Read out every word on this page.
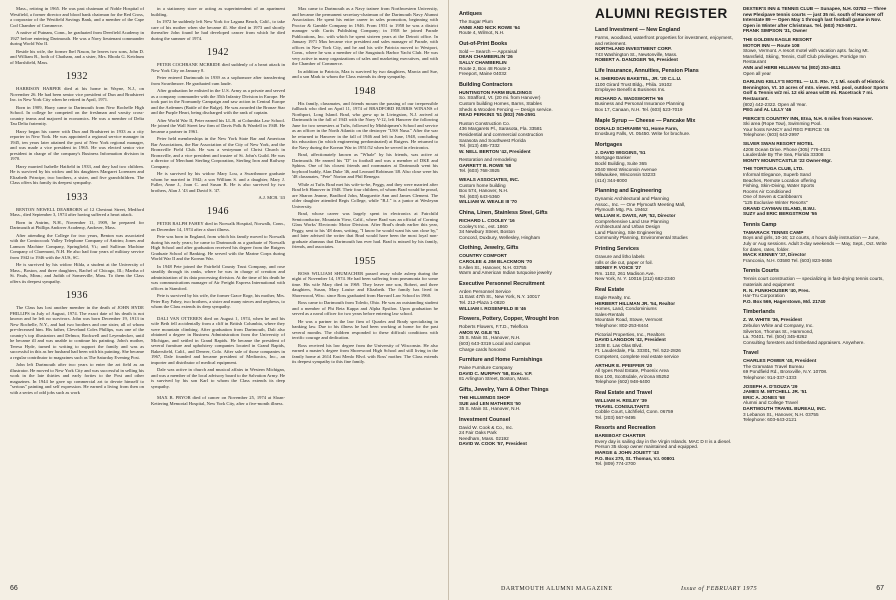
Mass., retiring in 1965. He was past chairman of Noble Hospital of Westfield, a former director and blood bank chairman for the Red Cross, a corporator of the Westfield Savings Bank, and a member of the Cape Cod Chamber of Commerce.

A native of Putnam, Conn., he graduated from Deerfield Academy in 1927 before entering Dartmouth. He was a Navy lieutenant commander during World War II.

Beside his wife, the former Ibel Nason, he leaves two sons, John D. and William B., both of Chatham, and a sister, Mrs. Rhoda G. Ketchum of Marshfield, Mass.

1932

HARRISON HARPER died at his home in Wayne, N.J., on November 26. He had been senior vice president of Dun and Bradstreet Inc. in New York City when he retired in April, 1971.

Born in 1909, Harry came to Dartmouth from New Rochelle High School. In college he competed on the freshman and varsity cross-country teams and majored in economics. He was a member of Delta Tau Delta fraternity.

Harry began his career with Dun and Bradstreet in 1933 as a city reporter in New York. He was appointed a regional service manager in 1945, ten years later attained the post of New York regional manager, and was made a vice president in 1965. He was elected senior vice president in charge of the company's Business Information division in 1970.

Harry married Isabelle Hatfield in 1933, and they had two children. He is survived by his widow and his daughters Margaret Lorenzen and Elizabeth Principe, two brothers, a sister, and five grandchildren. The Class offers his family its deepest sympathy.

1933

BENTON NEWELL DEARBORN of 12 Chestnut Street, Medford Mass., died September 3, 1974 after having suffered a heart attack.

Born in Antrim, N.H., November 11, 1909, he prepared for Dartmouth at Phillips Andover Academy, Andover, Mass.

After attending the College for two years, Benton was associated with the Contoocook Valley Telephone Company of Antrim; Jones and Lamson Machine Company, Springfield, Vt.; and Sullivan Machine Company of Claremont, N.H. He also had four years of military service from 1942 to 1946 with the AUS, SC.

He is survived by his widow Hilda, a student at the University of Mass., Boston, and three daughters, Rachel of Chicago, Ill.; Martha of St. Pauls, Minn.; and Judith of Somerville, Mass. To them the Class offers its deepest sympathy.

1936

The Class has lost another member in the death of JOHN HYDE PHILLIPS in July of August, 1974. The exact date of his death is not known and he left no survivors. John was born December 19, 1913 in New Rochelle, N.Y., and had two brothers and one sister, all of whom pre-deceased him. His father, Cleveland Coles Phillips, was one of the country's top illustrators and Delmor, Rockwell and Leyendecker, until he became ill and was unable to continue his painting. John's mother, Teresa Hyde, turned to writing to support the family and was as successful in this as her husband had been with his painting. She became a regular contributor to magazines such as The Saturday Evening Post.

John left Dartmouth after two years to enter the art field as an illustrator. He moved to New York City and was successful in selling his work in the late thirties and early forties to the Post and other magazines. In 1944 he gave up commercial art to devote himself to "serious" painting and self expression. He earned a living from then on with a series of odd jobs such as work

in a stationery store or acting as superintendent of an apartment building.

In 1972 he suddenly left New York for Laguna Beach, Calif., to take care of his mother when she became ill. She died in 1973 and shortly thereafter John found he had developed cancer from which he died during the summer of 1974.

1942

PETER COCHRANE MCBRIDE died suddenly of a heart attack in New York City on January 8.

Peter entered Dartmouth in 1939 as a sophomore after transferring from Swarthmore. He graduated cum laude.

After graduation he enlisted in the U.S. Army as a private and served as a company commander with the 35th Infantry Division in Europe. He took part in the Normandy Campaign and saw action in Central Europe and the Ardennes (Battle of the Bulge). He was awarded the Bronze Star and the Purple Heart, being discharged with the rank of captain.

After World War II, Peter earned his LL.B. at Columbia Law School. He joined the Wall Street law firm of Davis Polk & Wardell in 1948. He became a partner in 1961.

Peter held memberships in the New York State Bar and American Bar Associations, the Bar Association of the City of New York, and the Bronxville Field Club. He was a vestryman of Christ Church in Bronxville, and a vice president and trustee of St. John's Guild. He was a director of Merchant Sterling Corporation, Sterling Iron and Railway Company.

He is survived by his widow Mary Lou, a Swarthmore graduate whom he married in 1942; a son William S. and a daughter, Mary J. Fuller, Anne J., Joan C. and Susan B. He is also survived by two brothers, Alan J. '43 and David S. '47.

A.J. MCB. '43
1946

PETER RALPH FAHEY died in Norwalk Hospital, Norwalk, Conn., on December 14, 1974 after a short illness.

Pete was born in England, from which his family moved to Norwalk during his early years; he came to Dartmouth as a graduate of Norwalk High School and after graduation received his degree from the Rutgers Graduate School of Banking. He served with the Marine Corps during World War II and the Korean War.

In 1948 Pete joined the Fairfield County Trust Company, and rose steadily through its ranks, where he was in charge of creation and administration of its data processing division. At the time of his death he was communications manager of Air Freight Express International with offices in Stamford.

Pete is survived by his wife, the former Grace Roge, his mother, Mrs. Peter Roy Fahey, two brothers, a sister and many nieces and nephews, to whom the Class extends its deep sympathy.

DALI VAN OTTEREN died on August 1, 1974, when he and his wife Beth fell accidentally from a cliff in British Columbia, where they were mountain climbing. After graduation from Dartmouth, Dali also obtained a degree in Business Administration from the University of Michigan, and settled in Grand Rapids. He became the president of several furniture and upholstery companies located in Grand Rapids, Bakersfield, Calif., and Denver, Colo. After sale of those companies in 1967, Dale founded and became president of Medionics, Inc., an importer and distributor of medical equipment.

Dale was active in church and musical affairs in Western Michigan, and was a member of the local advisory board to the Salvation Army. He is survived by his son Karl to whom the Class extends its deep sympathy.

MAX B. PRYOR died of cancer on November 25, 1974 at Sloan-Kettering Memorial Hospital, New York City, after a five-month illness.

Max came to Dartmouth as a Navy trainee from Northwestern University, and became the permanent secretary-chairman of the Dartmouth Navy Alumni Association. He spent his entire career in sales promotion, beginning with Proctor & Gamble Company in 1946. From 1951 to 1958 he was a district manager with Curtis Publishing Company; in 1958 he joined Parade Publications, Inc. with which he spent sixteen years at the Detroit office. In January 1971 Max became vice president and sales manager of Parade, with offices in New York City, and he and his wife Patricia moved to Westport, Conn., where he was a member of the Saugatuck Harbor Yacht Club. He was very active in many organizations of sales and marketing executives, and with the Chamber of Commerce.

In addition to Patricia, Max is survived by two daughters, Marcia and Sue, and a son Mark to whom the Class extends its deep sympathy.

1948

His family, classmates, and friends mourn the passing of our irrepressible fullback who died on April 11, 1974 of BRADFORD BURRIS WINANS of Northport, Long Island. Brad, who grew up in Livingston, N.J. arrived at Dartmouth in the fall of 1943 with the Navy V-12, left Hanover the following June for two semesters at Tufts, followed by Midshipmen's School and service as an officer in the North Atlantic on the destroyer "USS Nusa." After the war he returned to Hanover in the fall of 1946 and left in June, 1948, concluding his education (in which engineering predominated) at Rutgers. He returned to the Navy during the Korean War in 1951/52 when he served in electronics.

Brad, affectionately known as "Whale" by his friends, was active at Dartmouth. He earned his "D" in football and was a member of DKE and Sphinx. One of his closest friends and roommates at Dartmouth went his boyhood buddy, Alan Duke '46, and Leonard Robinson '48. Also close were his '48 classmates, "Pete" Norton and Phil Renegar.

While at Tufts Brad met his wife-to-be, Peggy, and they were married after Brad left Hanover in 1948. Their four children, of whom Brad would be proud, are Sharon Jeanne, Bradford John, Marguerite Ann and James Clement. The older daughter attended Regis College, while "B.J." is a junior at Wesleyan University.

Brad, whose career was largely spent in electronics at Fairchild Semiconductor, Mountain View, Calif., where Brad was an official of Corning Glass Works' Electronic Motor Division. After Brad's death earlier this year, Peggy, sent to his '48 dean, writing, "I know he would want his son close by," and later advised the writer that Brad would have been the most loyal non-graduate alumnus that Dartmouth has ever had. Brad is missed by his family, friends, and associates.

1955

ROSS WILLIAM SHUMACHER passed away while asleep during the night of November 14, 1974. He had been suffering from pneumonia for some time. His wife Mary died in 1969. They leave one son, Robert, and three daughters, Susan, Mary Louise and Elizabeth. The family has lived in Shorewood, Wisc. since Ross graduated from Harvard Law School in 1960.

Ross came to Dartmouth from Toledo, Ohio. He was an outstanding student and a member of Phi Beta Kappa and Alpha Epsilon. Upon graduation he served as a naval officer for two years before entering law school.

He was a partner in the law firm of Quarles and Brady specializing in banking law. Due to his illness he had been working at home for the past several months. The children responded to these difficult conditions with terrific courage and dedication.

Ross received his law degree from the University of Wisconsin. He also earned a master's degree from Shorewood High School and still living in the family home at 2614 East Menlo Blvd. with Ross' mother. The Class extends its deepest sympathy to this fine family.

66
Antiques
The Sugar Plum
ANNE AND NICK ROWE '64
Route 4, Wilmot, N.H.
Out-of-Print Books
Sold — Search — Appraisal
DEAN CHAMBERLIN '26
SALLY CHAMBERLIN
Route 2, Box 48 Route 2
Freeport, Maine 04032
Building Contractors
HUNTINGTON FARM BUILDINGS
So. Strafford, Vt. (20 mi. from Hanover)
Custom building Homes, Barns, Stables
Sheds & Wooden Fencing — Design service.
READ PERKINS '51 (802) 765-2591
Ruston Construction Co.
436 Margarets Pl., Sarasota, Fla. 33581
Residential and commercial construction
Sarasota and Southwest Florida
Tel. (813) 485-7332
W. NELL BERTON '42, President
Restoration and remodeling
GARRETT B. ROWE '58
Tel. (603) 768-3925
WEALS ASSOCIATES, INC.
Custom home building
Box 574, Hanover, N.H.
Tel. (603) 643-5360
WILLIAM W. WEALE III '70
China, Linen, Stainless Steel, Gifts
RICHARD L. COOLEY '16
Cooley's Inc., est. 1860
34 Newbury Street, Boston
Concord, Duxbury, Wellesley, Hingham
Clothing, Jewelry, Gifts
COUNTRY COMFORT
CAROLEE & JIM BLACKMON '70
5 Allen St., Hanover, N.H. 03755
Warm and American Indian turquoise jewelry
Executive Personnel Recruitment
Arden Personnel Service
11 East 47th St., New York, N.Y. 10017
Tel. 212-Plaza 1-0820
WILLIAM I. ROSENFELD III '46
Flowers, Pottery, Copper, Wrought Iron
Roberts Flowers, F.T.D., Teleflora
AMOS W. GILE '51
35 S. Main St., Hanover, N.H.
(603) 643-3319 Local and campus
Charge cards honored
Furniture and Home Furnishings
Paine Furniture Company
DAVID C. MURPHY '58, Exec. V.P.
81 Arlington Street, Boston, Mass.
Gifts, Jewelry, Yarn & Other Things
THE HILLWINDS SHOP
SUE and LEN MATHERS '50
35 S. Main St., Hanover, N.H.
Investment Counsel
David W. Cook & Co., Inc.
24 Fair Oaks Park
Needham, Mass. 02192
DAVID W. COOK '57, President
ALUMNI REGISTER
Land Investment — New England
Farms, woodland, waterfront properties for investment, enjoyment, and retirement.
NORTHLAND INVESTMENT CORP.
743 Washington St., Newtonville, Mass.
ROBERT A. DANZIGER '56, President
Life Insurance, Annuities, Pension Plans
H. SHERIDAN BAKETEL, JR. '20 C.L.U.
1100 Girard Trust Bldg., Phila. 19102
Employee Benefit & Business Ins.
RICHARD A. WADSWORTH '66
Business and Personal Insurance Planning
Box 17, Canaan, N.H. Tel. (603) 523-7019
Maple Syrup — Cheese — Pancake Mix
DONALD SCHRAMM '61, Home Farm,
Enosburg Falls, Vt. 05450. Write for brochure.
Mortgages
J. DAVID WIGGINS, '51
Mortgage Banker
Bockl Building, Suite 365
2040 West Wisconsin Avenue
Milwaukee, Wisconsin 53233
(414) 344-8000
Planning and Engineering
Dynamic Architectural and Planning
Assoc., Inc. — One Plymouth Meeting Mall,
Plymouth Mtg. Pa. 19462
WILLIAM K. DAVIS, AIP, '52, Director
Comprehensive Land Use Planning
Architectural and Urban Design
Land Planning, Site Engineering
Community Planning, Environmental Studies
Printing Services
Gravure and litho labels
rolls or die cut, paper or foil.
SIDNEY P. VOICE '27
Rm. 1102, 261 Madison Ave.
New York, N. Y. 10016 (212) 682-2340
Real Estate
Eagle Realty, Inc.
HERBERT HILLMAN JR. '54, Realtor
Homes, Land, Condominiums
Sales-Rentals
Mountain Road, Stowe, Vermont
Telephone: 802-253-8444
Pictorial Properties, Inc., Realtors
DAVID LANGDON '42, President
1038 E. Las Olas Blvd.
Ft. Lauderdale, Fla. 33301, Tel. 522-2826
Competent, complete real estate service
ARTHUR E. PFEIFFER '20
All types Real Estate, Phoenix Area
Box 100, Scottsdale, Arizona 85252
Telephone (602) 948-6400
Real Estate and Travel
WILLIAM H. RISLEY '39
TRAVEL CONSULTANTS
Cobble Court, Litchfield, Conn. 06759
Tel. (203) 567-9495
Resorts and Recreation
BAREBOAT CHARTER
Every day is sailing day in the Virgin Islands. MAC D II is a diesel. Person 35 sloop owner maintained and equipped.
MARGE & JOHN JOUETT '43
P.O. Box 270, St. Thomas, V.I. 00801
Tel. (809) 774-2700
DEXTER'S INN & TENNIS CLUB — Sunapee, N.H. 03782 — Three new Plexipave tennis courts — just 35 mi. south of Hanover off Interstate 89 — Open May 1 through last football game in Nov. Open in Winter after Christmas. Tel. (603) 763-5571.
FRANK SIMPSON '31, Owner
THE GOLDEN EAGLE RESORT
MOTOR INN — Route 108
Stowe, Vermont. A resort motel with vacation apts. facing Mt. Mansfield, Skiing, Tennis, Golf Club privileges. Porridge Inn Restaurant
ANN and HERB HILLMAN '54 (802) 253-4811
Open all year
DARLING KELLY'S MOTEL — U.S. Rte. 7, 1 Mi. south of Historic Bennington, Vt. 10 acres of mtn. views. Htd. pool, outdoor Sports Golf & Tennis w/2 mi. 12 ski areas w/30 mi. Racetrack 7 mi. Restaurant.
(802) 442-2322. Open all Year.
PEG and AL LILLY '46
PIERCE'S COUNTRY INN, Etna, N.H. 6 miles from Hanover.
Ski area (Rope Tow), Swimming Pool.
Your hosts NANCY and REG PIERCE '46
Telephone: (603) 643-2997
SILVER SWAN RESORT MOTEL
4208 Ocean Drive. Phone (305) 776-4321
Lauderdale By The Sea, Florida 33308
MONTY MOUNTCASTLE '22 Owner-Mgr.
THE TORTUGA CLUB, LTD.
Informal Elegance, Superb Sand
Beaches, Remote Location offering
Fishing, Skin-Diving, Water Sports
Rooms Air Conditioned
One of Seven & Caribbean's
"125 Exclusive Winter Resorts"
GRAND CAYMAN ISLAND, B.W.I.
SUZY and ERIC BERGSTROM '55
Tennis Camp
TAMARACK TENNIS CAMP
Boys and girls, 10-16; 12 courts, 4 hours daily instruction — June, July or Aug sessions. Adult 3-day weekends — May, Sept., Oct. Write for dates, rates, folder.
MACK KENNEY '37, Director
Franconia, N.H. 03580 Tel. (603) 823-5656
Tennis Courts
Tennis court construction — specializing in fast-drying tennis courts, materials and equipment
R. N. FUNKHOUSER '40, Pres.
Har-Tru Corporation
P.O. Box 569, Hagerstown, Md. 21740
Timberlands
Z. W. WHITE '36, President
Zebulon White and Company, Inc.
Silverton, Thomas St., Hammond,
La. 70401. Tel. (504) 345-8262
Consulting foresters and timberland appraisers. Anywhere.
Travel
CHARLES POWER '40, President
The Gramatan Travel Bureau
69 Pondfield Rd., Bronxville, N.Y. 10708.
Telephone: 914-337-1333
JOSEPH A. D'SOUZA '29
JAMES M. MITCHELL JR. '51
ERIC A. JONES '68
Alumni and College Travel
DARTMOUTH TRAVEL BUREAU, INC.
3 Lebanon St., Hanover, N.H. 03755
Telephone: 603-643-2121
DARTMOUTH ALUMNI MAGAZINE	Issue of FEBRUARY 1975	67
